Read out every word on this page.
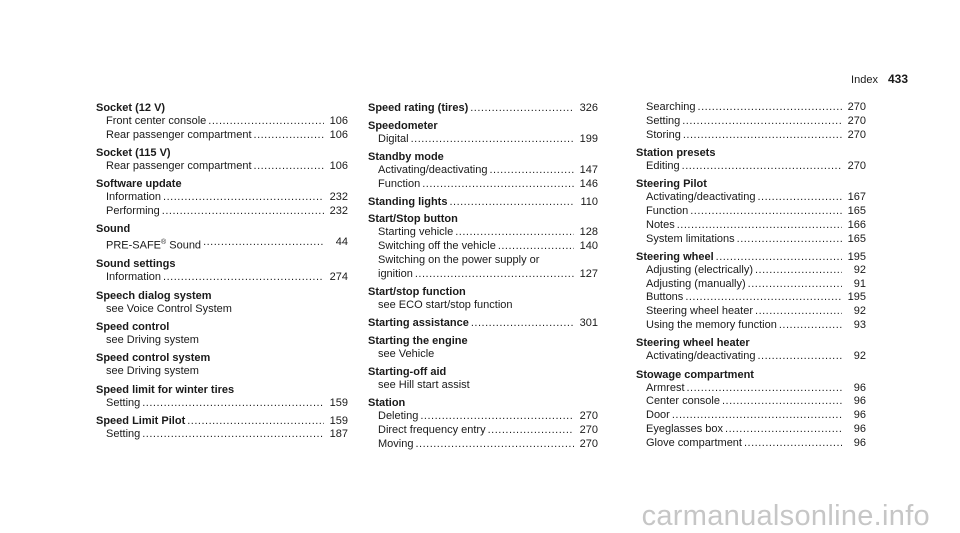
Index 433
Socket (12 V)
Front center console .....	106
Rear passenger compartment .....	106
Socket (115 V)
Rear passenger compartment .....	106
Software update
Information .....	232
Performing .....	232
Sound
PRE-SAFE® Sound .....	44
Sound settings
Information .....	274
Speech dialog system
see Voice Control System
Speed control
see Driving system
Speed control system
see Driving system
Speed limit for winter tires
Setting .....	159
Speed Limit Pilot .....	159
Setting .....	187
Speed rating (tires) .....	326
Speedometer
Digital .....	199
Standby mode
Activating/deactivating .....	147
Function .....	146
Standing lights .....	110
Start/Stop button
Starting vehicle .....	128
Switching off the vehicle .....	140
Switching on the power supply or
ignition .....	127
Start/stop function
see ECO start/stop function
Starting assistance .....	301
Starting the engine
see Vehicle
Starting-off aid
see Hill start assist
Station
Deleting .....	270
Direct frequency entry .....	270
Moving .....	270
Searching .....	270
Setting .....	270
Storing .....	270
Station presets
Editing .....	270
Steering Pilot
Activating/deactivating .....	167
Function .....	165
Notes .....	166
System limitations .....	165
Steering wheel .....	195
Adjusting (electrically) .....	92
Adjusting (manually) .....	91
Buttons .....	195
Steering wheel heater .....	92
Using the memory function .....	93
Steering wheel heater
Activating/deactivating .....	92
Stowage compartment
Armrest .....	96
Center console .....	96
Door .....	96
Eyeglasses box .....	96
Glove compartment .....	96
carmanualsonline.info
